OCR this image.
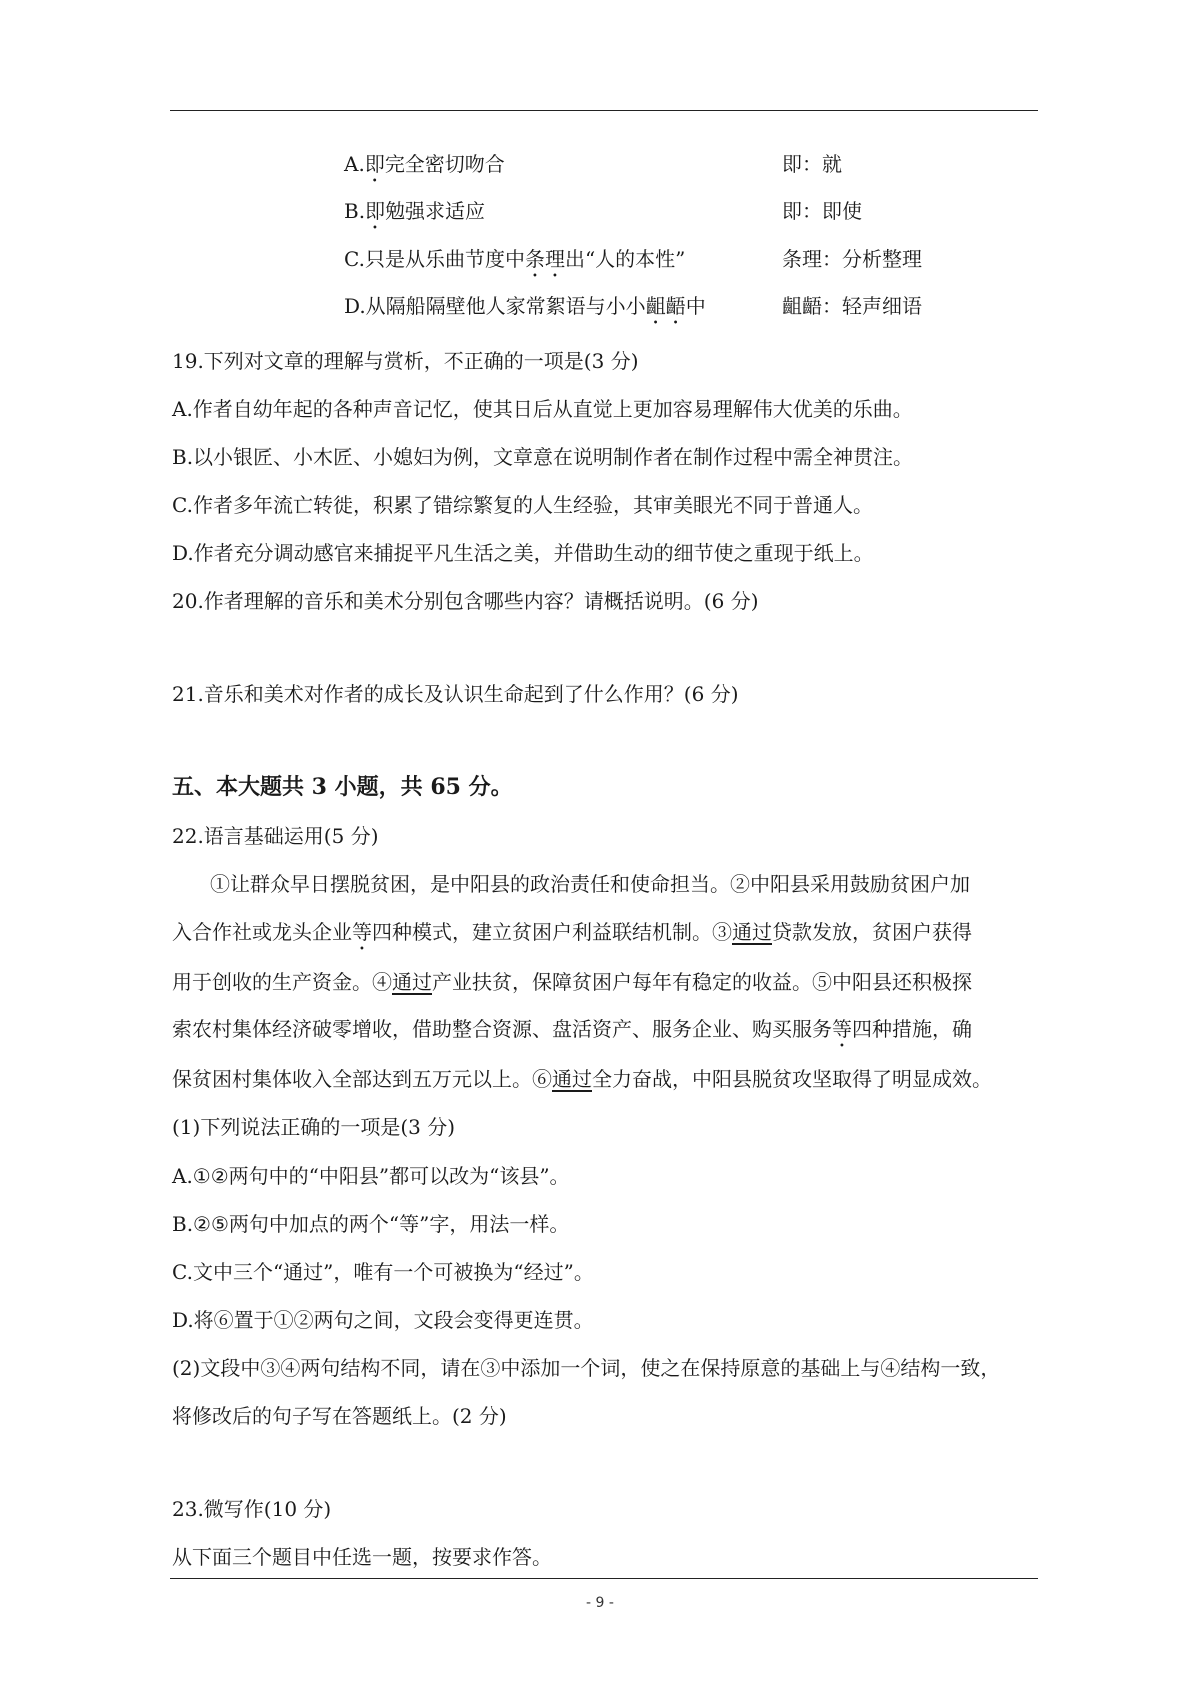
A.即完全密切吻合	即：就
B.即勉强求适应	即：即使
C.只是从乐曲节度中条理出“人的本性”	条理：分析整理
D.从隔船隔壁他人家常絮语与小小齟齬中	齟齬：轻声细语
19.下列对文章的理解与赏析，不正确的一项是(3 分)
A.作者自幼年起的各种声音记忆，使其日后从直觉上更加容易理解伟大优美的乐曲。
B.以小银匠、小木匠、小媳妇为例，文章意在说明制作者在制作过程中需全神贯注。
C.作者多年流亡转徙，积累了错综繁复的人生经验，其审美眼光不同于普通人。
D.作者充分调动感官来捕捉平凡生活之美，并借助生动的细节使之重现于纸上。
20.作者理解的音乐和美术分别包含哪些内容？请概括说明。(6 分)
21.音乐和美术对作者的成长及认识生命起到了什么作用？(6 分)
五、本大题共 3 小题，共 65 分。
22.语言基础运用(5 分)
①让群众早日摆脱贫困，是中阳县的政治责任和使命担当。②中阳县采用鼓励贫困户加
入合作社或龙头企业等四种模式，建立贫困户利益联结机制。③通过贷款发放，贫困户获得
用于创收的生产资金。④通过产业扶贫，保障贫困户每年有稳定的收益。⑤中阳县还积极探
索农村集体经济破零增收，借助整合资源、盘活资产、服务企业、购买服务等四种措施，确
保贫困村集体收入全部达到五万元以上。⑥通过全力奋战，中阳县脱贫攻坚取得了明显成效。
(1)下列说法正确的一项是(3 分)
A.①②两句中的“中阳县”都可以改为“该县”。
B.②⑤两句中加点的两个“等”字，用法一样。
C.文中三个“通过”，唯有一个可被换为“经过”。
D.将⑥置于①②两句之间，文段会变得更连贯。
(2)文段中③④两句结构不同，请在③中添加一个词，使之在保持原意的基础上与④结构一致，
将修改后的句子写在答题纸上。(2 分)
23.微写作(10 分)
从下面三个题目中任选一题，按要求作答。
- 9 -
